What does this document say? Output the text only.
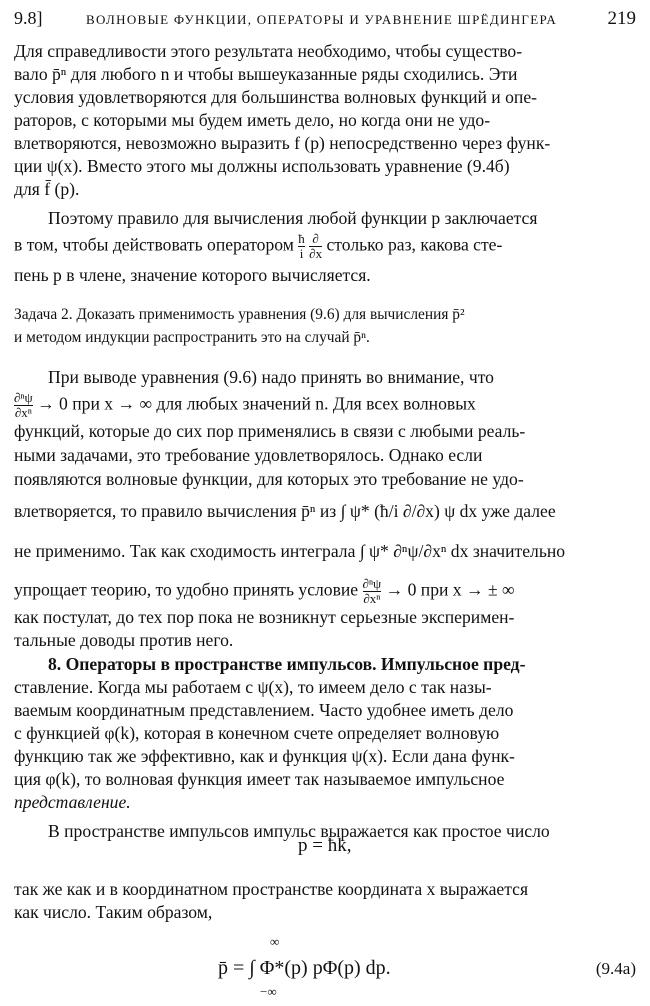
9.8]	ВОЛНОВЫЕ ФУНКЦИИ, ОПЕРАТОРЫ И УРАВНЕНИЕ ШРЁДИНГЕРА	219
Для справедливости этого результата необходимо, чтобы существо-
вало p̄ⁿ для любого n и чтобы вышеуказанные ряды сходились. Эти
условия удовлетворяются для большинства волновых функций и опе-
раторов, с которыми мы будем иметь дело, но когда они не удо-
влетворяются, невозможно выразить f (p) непосредственно через функ-
ции ψ(x). Вместо этого мы должны использовать уравнение (9.4б)
для f̄ (p).
Поэтому правило для вычисления любой функции p заключается
в том, чтобы действовать оператором $\frac{ħ}{i}$
$\frac{\partial}{\partial x}$ столько раз, какова сте-
пень p в члене, значение которого вычисляется.
Задача 2. Доказать применимость уравнения (9.6) для вычисления p̄²
и методом индукции распространить это на случай p̄ⁿ.
При выводе уравнения (9.6) надо принять во внимание, что
$\frac{\text{∂ⁿψ}}{\text{∂xⁿ}} \to 0$ при x → ∞ для любых значений n. Для всех волновых
функций, которые до сих пор применялись в связи с любыми реаль-
ными задачами, это требование удовлетворялось. Однако если
появляются волновые функции, для которых это требование не удо-
влетворяется, то правило вычисления p̄ⁿ из ∫ ψ* (ħ/i ∂/∂x) ψ dx уже далее
не применимо. Так как сходимость интеграла ∫ ψ* ∂ⁿψ/∂xⁿ dx значительно
упрощает теорию, то удобно принять условие $\frac{\text{∂ⁿψ}}{\text{∂xⁿ}} \to 0$ при x → ± ∞
как постулат, до тех пор пока не возникнут серьезные эксперимен-
тальные доводы против него.
8. Операторы в пространстве импульсов. Импульсное пред-
ставление. Когда мы работаем с ψ(x), то имеем дело с так назы-
ваемым координатным представлением. Часто удобнее иметь дело
с функцией φ(k), которая в конечном счете определяет волновую
функцию так же эффективно, как и функция ψ(x). Если дана функ-
ция φ(k), то волновая функция имеет так называемое импульсное
представление.
В пространстве импульсов импульс выражается как простое число
p = ħk,
так же как и в координатном пространстве координата x выражается
как число. Таким образом,
∞
p̄ = ∫ Φ*(p) pΦ(p) dp.
−∞
(9.4a)
